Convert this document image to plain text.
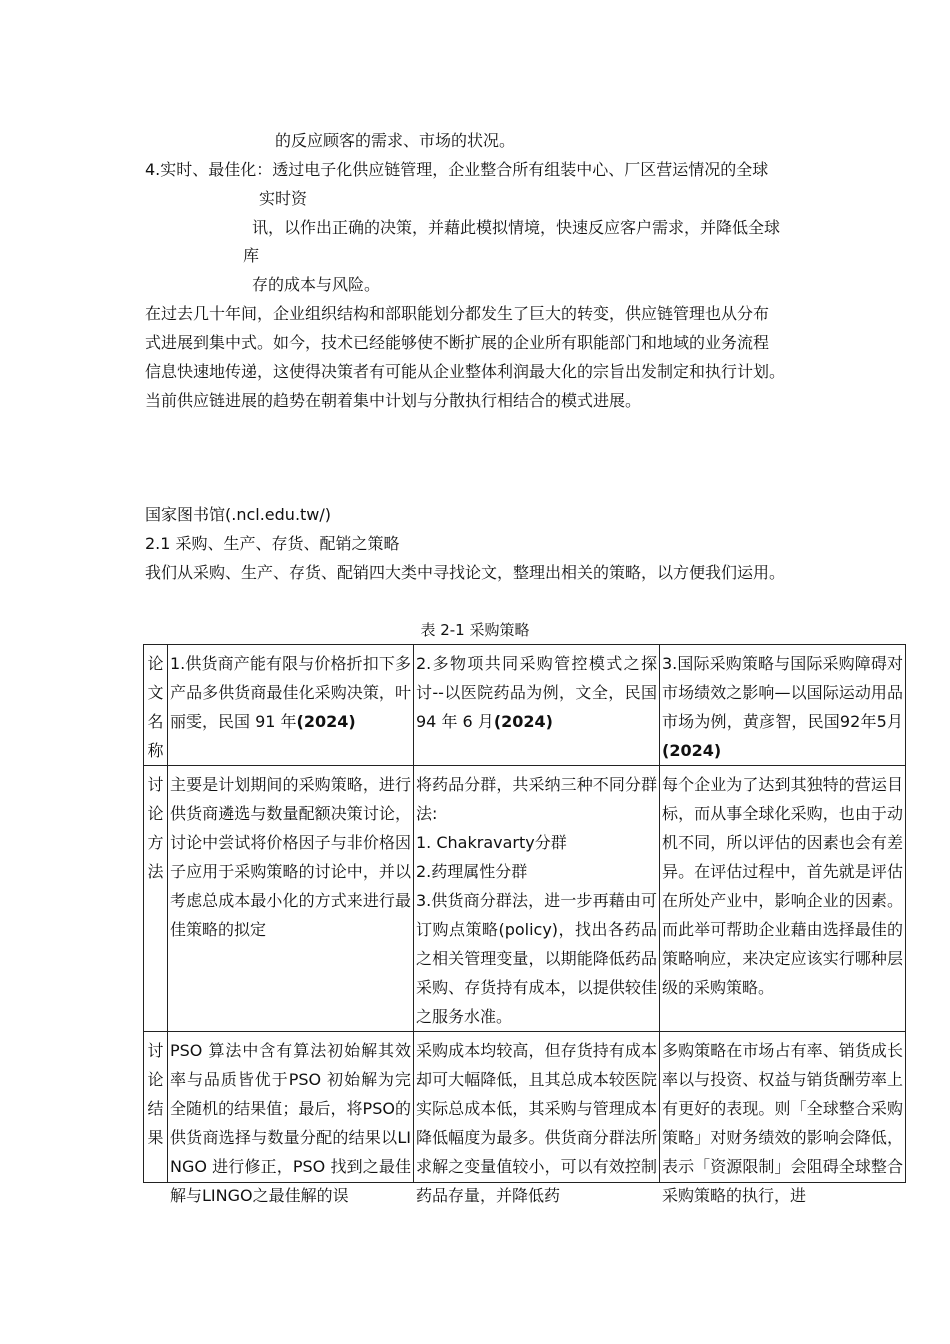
的反应顾客的需求、市场的状况。
4.实时、最佳化：透过电子化供应链管理，企业整合所有组装中心、厂区营运情况的全球
实时资
讯，以作出正确的决策，并藉此模拟情境，快速反应客户需求，并降低全球
库
存的成本与风险。
在过去几十年间，企业组织结构和部职能划分都发生了巨大的转变，供应链管理也从分布
式进展到集中式。如今，技术已经能够使不断扩展的企业所有职能部门和地域的业务流程
信息快速地传递，这使得决策者有可能从企业整体利润最大化的宗旨出发制定和执行计划。
当前供应链进展的趋势在朝着集中计划与分散执行相结合的模式进展。
国家图书馆(.ncl.edu.tw/)
2.1 采购、生产、存货、配销之策略
我们从采购、生产、存货、配销四大类中寻找论文，整理出相关的策略，以方便我们运用。
表 2-1 采购策略
论文名称	1.供货商产能有限与价格折扣下多产品多供货商最佳化采购决策，叶丽雯，民国 91 年(2024)	2.多物项共同采购管控模式之探讨--以医院药品为例，文全，民国 94 年 6 月(2024)	3.国际采购策略与国际采购障碍对市场绩效之影响—以国际运动用品市场为例，黄彦智，民国92年5月(2024)
讨论方法	主要是计划期间的采购策略，进行供货商遴选与数量配额决策讨论，讨论中尝试将价格因子与非价格因子应用于采购策略的讨论中，并以考虑总成本最小化的方式来进行最佳策略的拟定	将药品分群，共采纳三种不同分群法:
1. Chakravarty分群
2.药理属性分群
3.供货商分群法，进一步再藉由可订购点策略(policy)，找出各药品之相关管理变量，以期能降低药品采购、存货持有成本，以提供较佳之服务水准。	每个企业为了达到其独特的营运目标，而从事全球化采购，也由于动机不同，所以评估的因素也会有差异。在评估过程中，首先就是评估在所处产业中，影响企业的因素。而此举可帮助企业藉由选择最佳的策略响应，来决定应该实行哪种层级的采购策略。

讨论结果	PSO 算法中含有算法初始解其效率与品质皆优于PSO 初始解为完全随机的结果值；最后，将PSO的供货商选择与数量分配的结果以LINGO 进行修正，PSO 找到之最佳解与LINGO之最佳解的误	采购成本均较高，但存货持有成本却可大幅降低，且其总成本较医院实际总成本低，其采购与管理成本降低幅度为最多。供货商分群法所求解之变量值较小，可以有效控制药品存量，并降低药	多购策略在市场占有率、销货成长率以与投资、权益与销货酬劳率上有更好的表现。则「全球整合采购策略」对财务绩效的影响会降低，表示「资源限制」会阻碍全球整合采购策略的执行，进
